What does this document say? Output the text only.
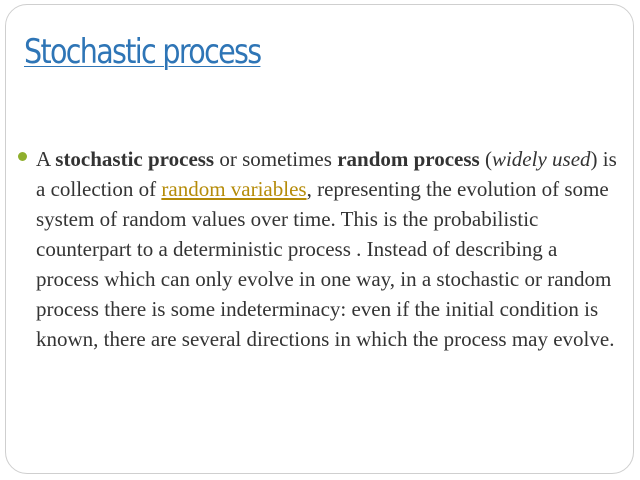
Stochastic process

A stochastic process or sometimes random process (widely used) is a collection of random variables, representing the evolution of some system of random values over time. This is the probabilistic counterpart to a deterministic process . Instead of describing a process which can only evolve in one way, in a stochastic or random process there is some indeterminacy: even if the initial condition is known, there are several directions in which the process may evolve.
